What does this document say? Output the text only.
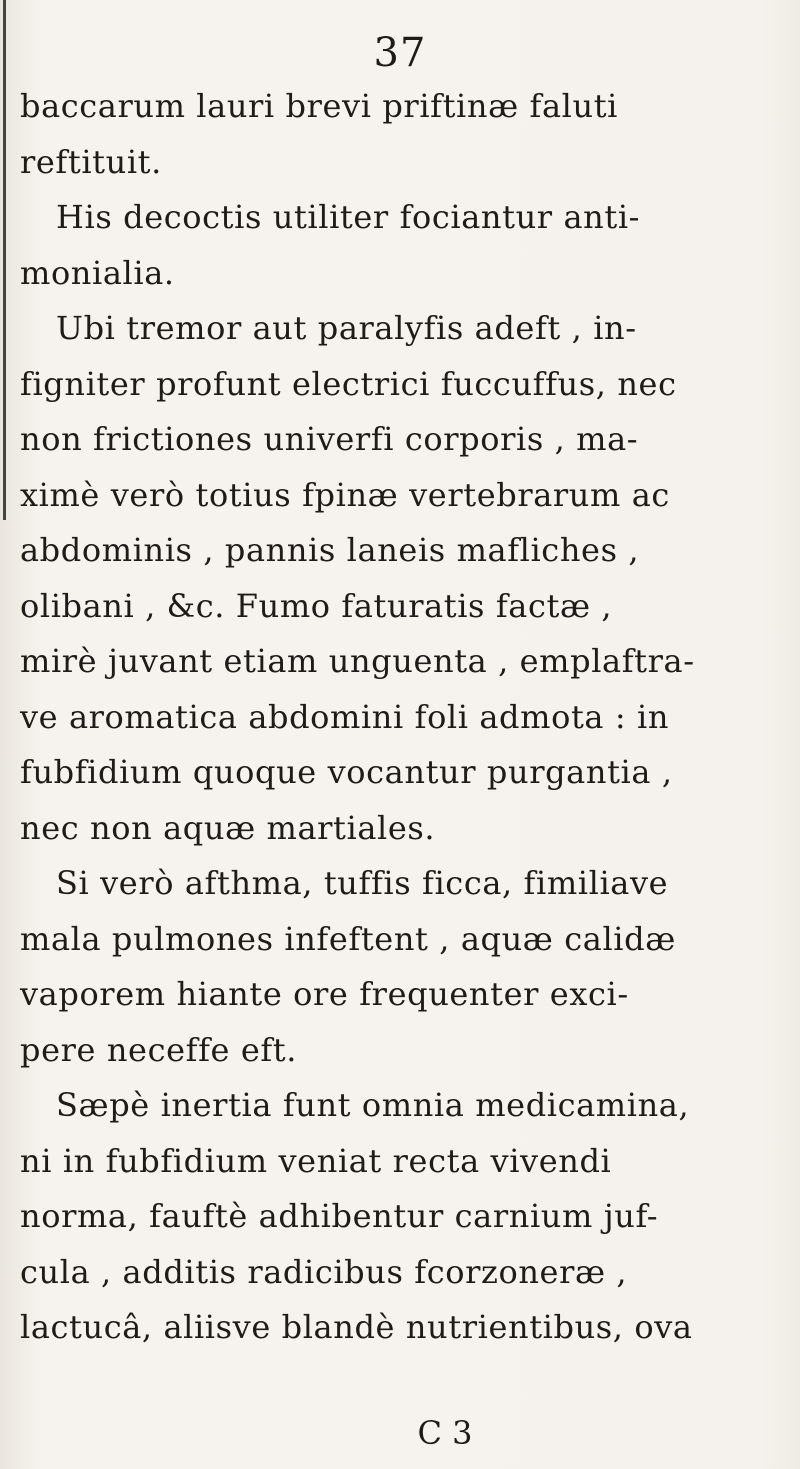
37
baccarum lauri brevi priftinæ faluti
reftituit.
His decoctis utiliter fociantur anti-
monialia.
Ubi tremor aut paralyfis adeft , in-
figniter profunt electrici fuccuffus, nec
non frictiones univerfi corporis , ma-
ximè verò totius fpinæ vertebrarum ac
abdominis , pannis laneis mafliches ,
olibani , &c. Fumo faturatis factæ ,
mirè juvant etiam unguenta , emplaftra-
ve aromatica abdomini foli admota : in
fubfidium quoque vocantur purgantia ,
nec non aquæ martiales.
Si verò afthma, tuffis ficca, fimiliave
mala pulmones infeftent , aquæ calidæ
vaporem hiante ore frequenter exci-
pere neceffe eft.
Sæpè inertia funt omnia medicamina,
ni in fubfidium veniat recta vivendi
norma, fauftè adhibentur carnium juf-
cula , additis radicibus fcorzoneræ ,
lactucâ, aliisve blandè nutrientibus, ova
C 3
